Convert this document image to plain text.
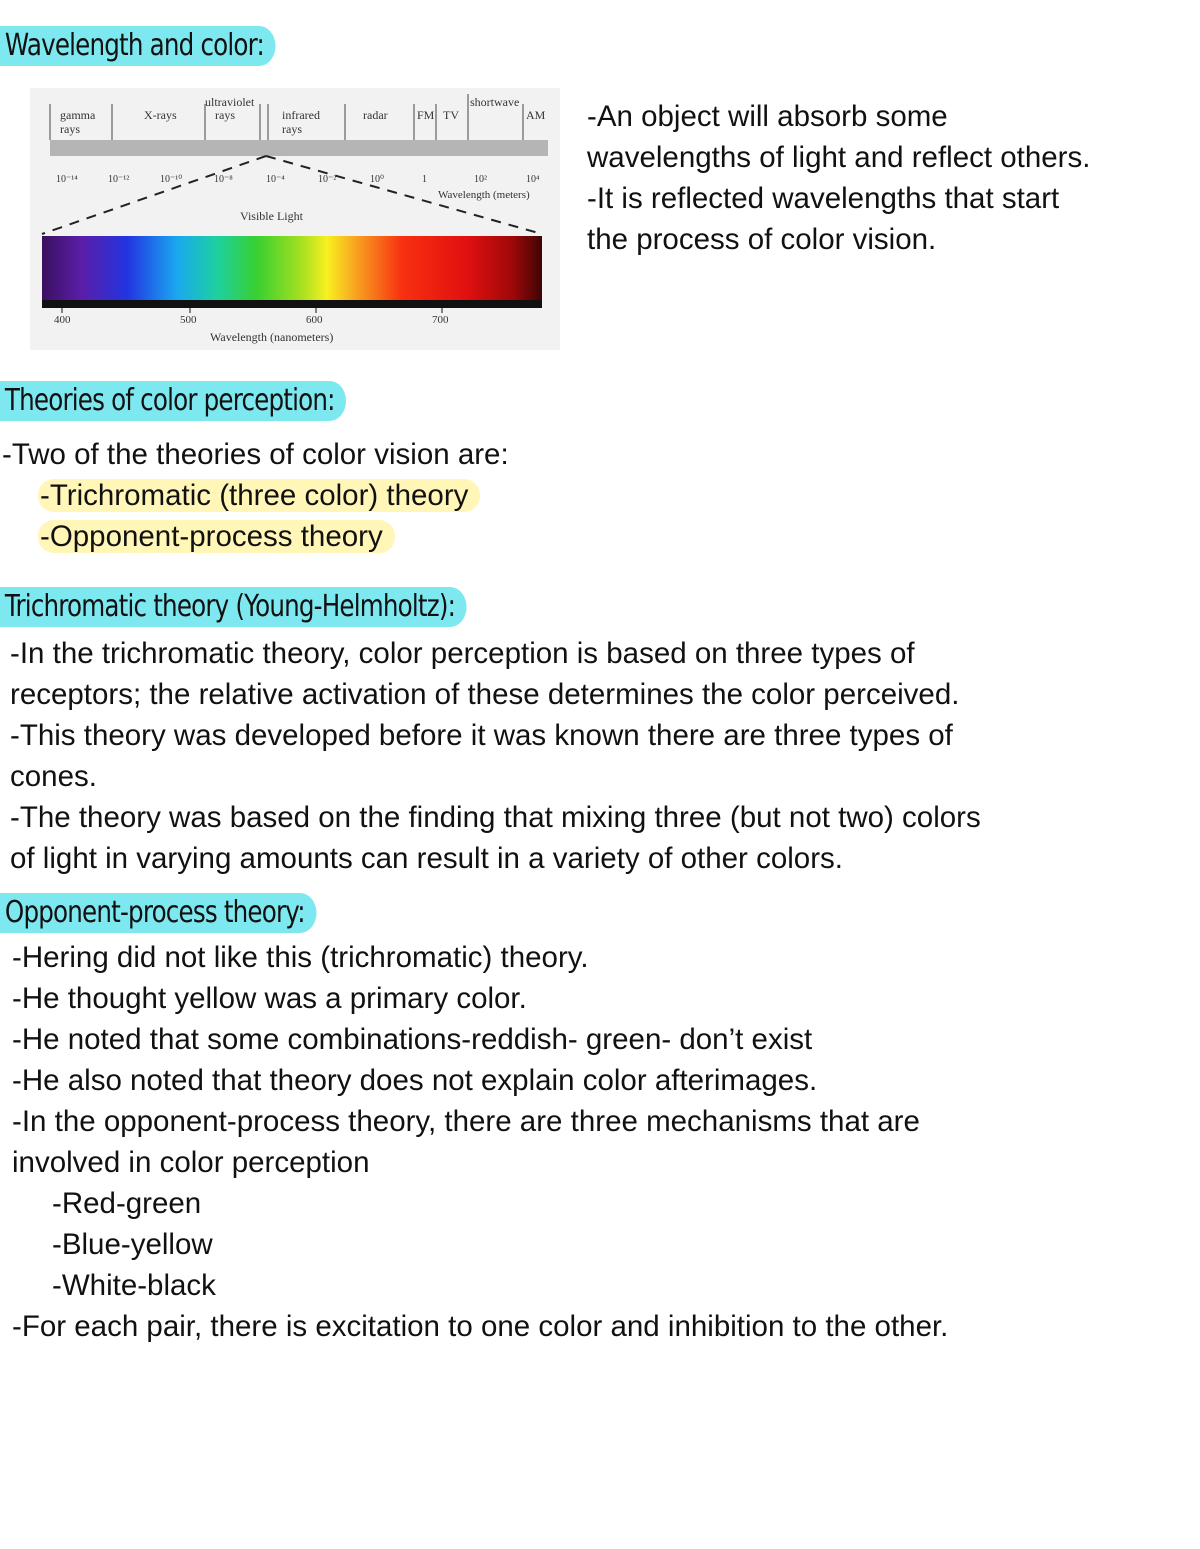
Wavelength and color:
gamma
rays
X-rays
ultraviolet
rays	infrared
rays
radar FM TV
shortwave
AM
10⁻¹⁴	10⁻¹²	10⁻¹⁰	10⁻⁸	10⁻⁴	10⁻²	10⁰	1	10²	10⁴
Wavelength (meters)
Visible Light
400	500	600	700
Wavelength (nanometers)
-An object will absorb some
wavelengths of light and reflect others.
-It is reflected wavelengths that start
the process of color vision.
Theories of color perception:
-Two of the theories of color vision are:
-Trichromatic (three color) theory
-Opponent-process theory
Trichromatic theory (Young-Helmholtz):
-In the trichromatic theory, color perception is based on three types of
receptors; the relative activation of these determines the color perceived.
-This theory was developed before it was known there are three types of
cones.
-The theory was based on the finding that mixing three (but not two) colors
of light in varying amounts can result in a variety of other colors.
Opponent-process theory:
-Hering did not like this (trichromatic) theory.
-He thought yellow was a primary color.
-He noted that some combinations-reddish- green- don’t exist
-He also noted that theory does not explain color afterimages.
-In the opponent-process theory, there are three mechanisms that are
involved in color perception
-Red-green
-Blue-yellow
-White-black
-For each pair, there is excitation to one color and inhibition to the other.
